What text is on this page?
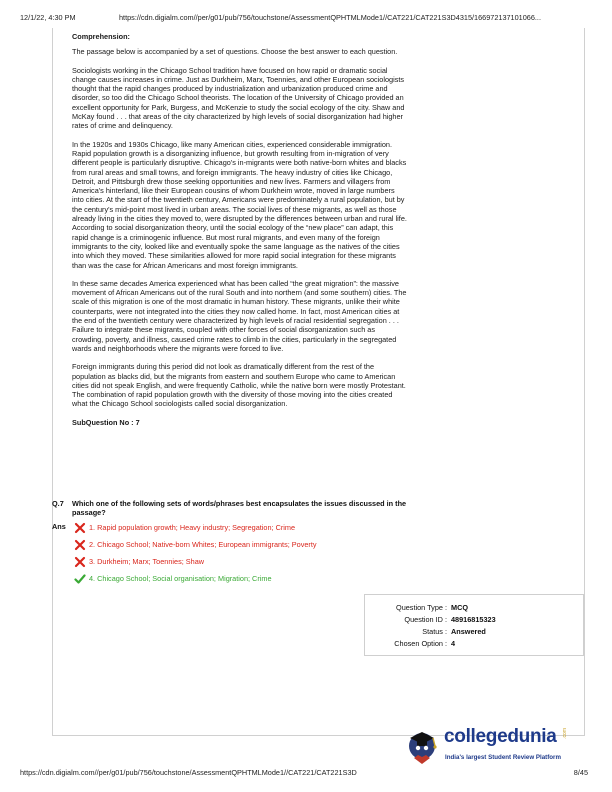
12/1/22, 4:30 PM	https://cdn.digialm.com//per/g01/pub/756/touchstone/AssessmentQPHTMLMode1//CAT221/CAT221S3D4315/166972137101066...
Comprehension:

The passage below is accompanied by a set of questions. Choose the best answer to each question.

Sociologists working in the Chicago School tradition have focused on how rapid or dramatic social change causes increases in crime. Just as Durkheim, Marx, Toennies, and other European sociologists thought that the rapid changes produced by industrialization and urbanization produced crime and disorder, so too did the Chicago School theorists. The location of the University of Chicago provided an excellent opportunity for Park, Burgess, and McKenzie to study the social ecology of the city. Shaw and McKay found . . . that areas of the city characterized by high levels of social disorganization had higher rates of crime and delinquency.

In the 1920s and 1930s Chicago, like many American cities, experienced considerable immigration. Rapid population growth is a disorganizing influence, but growth resulting from in-migration of very different people is particularly disruptive. Chicago's in-migrants were both native-born whites and blacks from rural areas and small towns, and foreign immigrants. The heavy industry of cities like Chicago, Detroit, and Pittsburgh drew those seeking opportunities and new lives. Farmers and villagers from America's hinterland, like their European cousins of whom Durkheim wrote, moved in large numbers into cities. At the start of the twentieth century, Americans were predominately a rural population, but by the century's mid-point most lived in urban areas. The social lives of these migrants, as well as those already living in the cities they moved to, were disrupted by the differences between urban and rural life. According to social disorganization theory, until the social ecology of the “new place” can adapt, this rapid change is a criminogenic influence. But most rural migrants, and even many of the foreign immigrants to the city, looked like and eventually spoke the same language as the natives of the cities into which they moved. These similarities allowed for more rapid social integration for these migrants than was the case for African Americans and most foreign immigrants.

In these same decades America experienced what has been called “the great migration”: the massive movement of African Americans out of the rural South and into northern (and some southern) cities. The scale of this migration is one of the most dramatic in human history. These migrants, unlike their white counterparts, were not integrated into the cities they now called home. In fact, most American cities at the end of the twentieth century were characterized by high levels of racial residential segregation . . . Failure to integrate these migrants, coupled with other forces of social disorganization such as crowding, poverty, and illness, caused crime rates to climb in the cities, particularly in the segregated wards and neighborhoods where the migrants were forced to live.

Foreign immigrants during this period did not look as dramatically different from the rest of the population as blacks did, but the migrants from eastern and southern Europe who came to American cities did not speak English, and were frequently Catholic, while the native born were mostly Protestant. The combination of rapid population growth with the diversity of those moving into the cities created what the Chicago School sociologists called social disorganization.

SubQuestion No : 7
Q.7 Which one of the following sets of words/phrases best encapsulates the issues discussed in the passage?
Ans	1. Rapid population growth; Heavy industry; Segregation; Crime
2. Chicago School; Native-born Whites; European immigrants; Poverty
3. Durkheim; Marx; Toennies; Shaw
4. Chicago School; Social organisation; Migration; Crime
Question Type : MCQ
Question ID : 48916815323
Status : Answered
Chosen Option : 4
collegedunia .com
India's largest Student Review Platform
https://cdn.digialm.com//per/g01/pub/756/touchstone/AssessmentQPHTMLMode1//CAT221/CAT221S3D	8/45
